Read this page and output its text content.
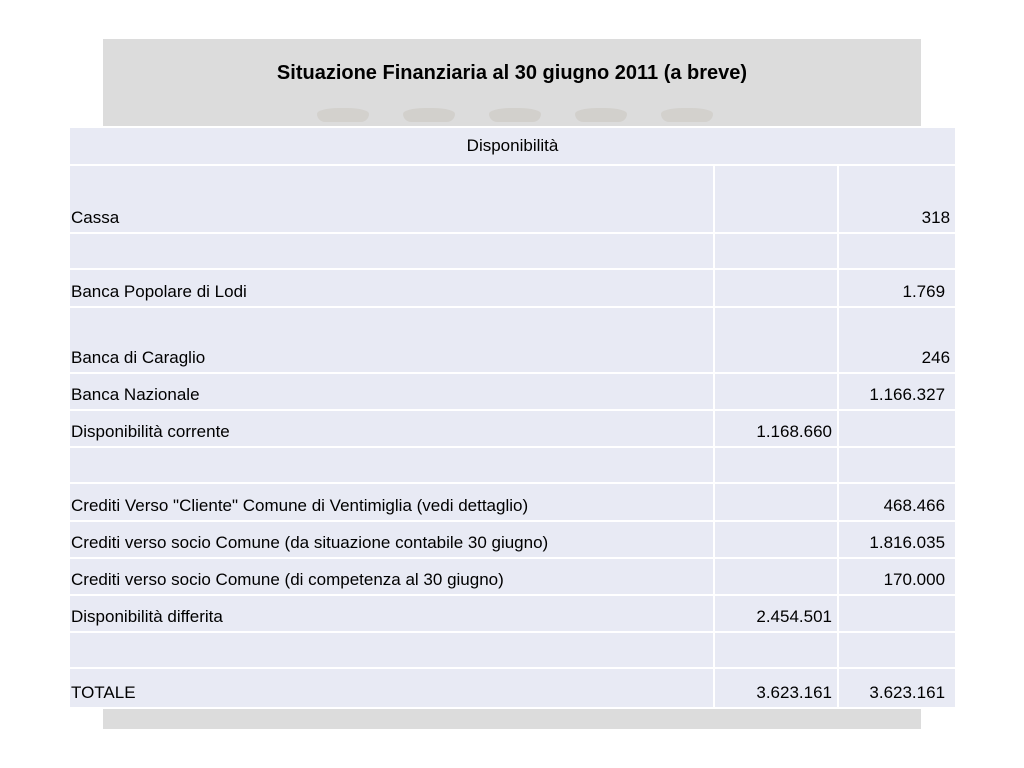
Situazione Finanziaria al 30 giugno 2011 (a breve)
Disponibilità		
Cassa		318

Banca Popolare di Lodi		1.769
Banca di Caraglio		246
Banca Nazionale		1.166.327
Disponibilità corrente	1.168.660	

Crediti Verso "Cliente" Comune di Ventimiglia (vedi dettaglio)		468.466
Crediti verso socio Comune (da situazione contabile 30 giugno)		1.816.035
Crediti verso socio Comune (di competenza al 30 giugno)		170.000
Disponibilità differita	2.454.501	

TOTALE	3.623.161	3.623.161
